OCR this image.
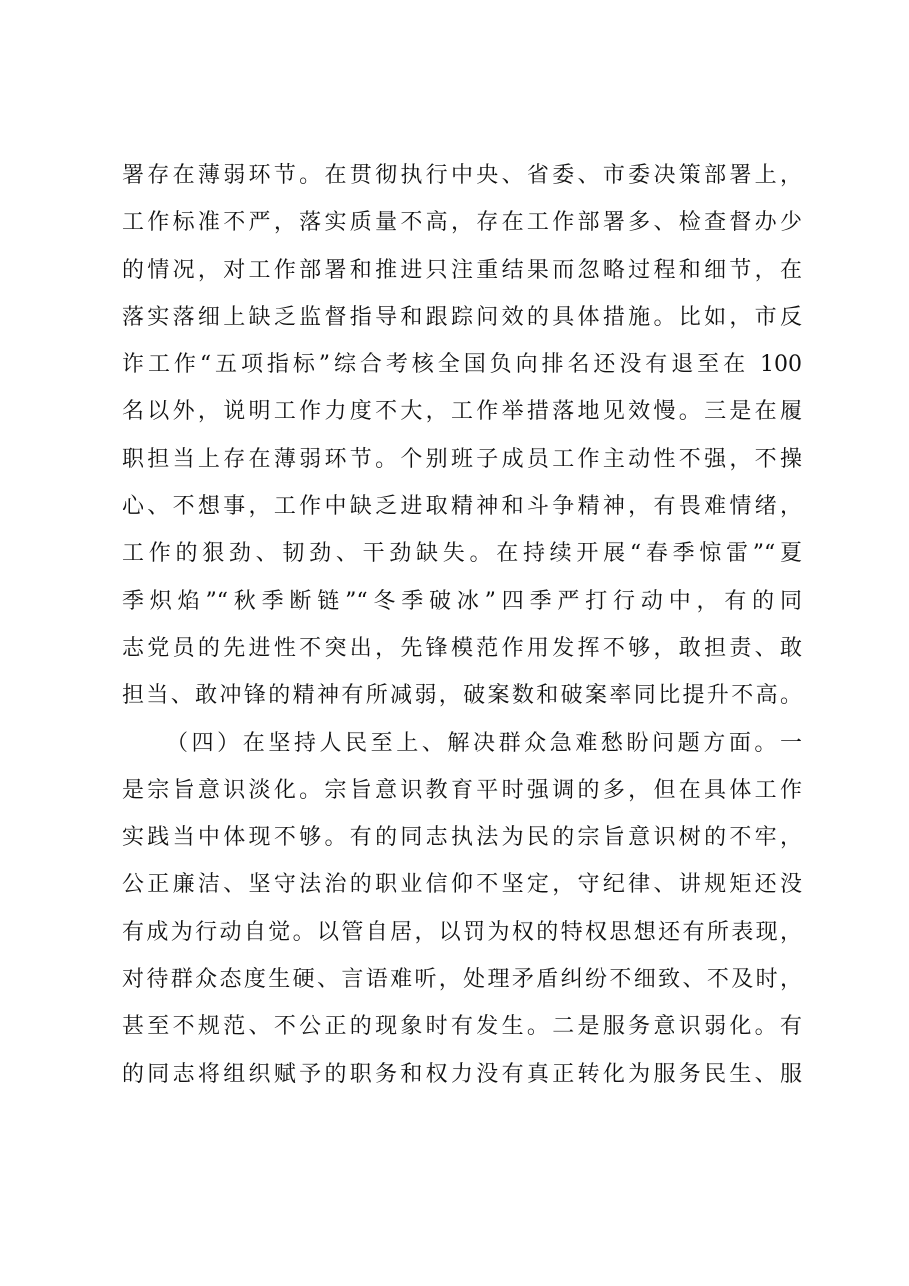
署存在薄弱环节。在贯彻执行中央、省委、市委决策部署上，
工作标准不严，落实质量不高，存在工作部署多、检查督办少
的情况，对工作部署和推进只注重结果而忽略过程和细节，在
落实落细上缺乏监督指导和跟踪问效的具体措施。比如，市反
诈工作“五项指标”综合考核全国负向排名还没有退至在 100
名以外，说明工作力度不大，工作举措落地见效慢。三是在履
职担当上存在薄弱环节。个别班子成员工作主动性不强，不操
心、不想事，工作中缺乏进取精神和斗争精神，有畏难情绪，
工作的狠劲、韧劲、干劲缺失。在持续开展“春季惊雷”“夏
季炽焰”“秋季断链”“冬季破冰”四季严打行动中，有的同
志党员的先进性不突出，先锋模范作用发挥不够，敢担责、敢
担当、敢冲锋的精神有所减弱，破案数和破案率同比提升不高。
（四）在坚持人民至上、解决群众急难愁盼问题方面。一
是宗旨意识淡化。宗旨意识教育平时强调的多，但在具体工作
实践当中体现不够。有的同志执法为民的宗旨意识树的不牢，
公正廉洁、坚守法治的职业信仰不坚定，守纪律、讲规矩还没
有成为行动自觉。以管自居，以罚为权的特权思想还有所表现，
对待群众态度生硬、言语难听，处理矛盾纠纷不细致、不及时，
甚至不规范、不公正的现象时有发生。二是服务意识弱化。有
的同志将组织赋予的职务和权力没有真正转化为服务民生、服
